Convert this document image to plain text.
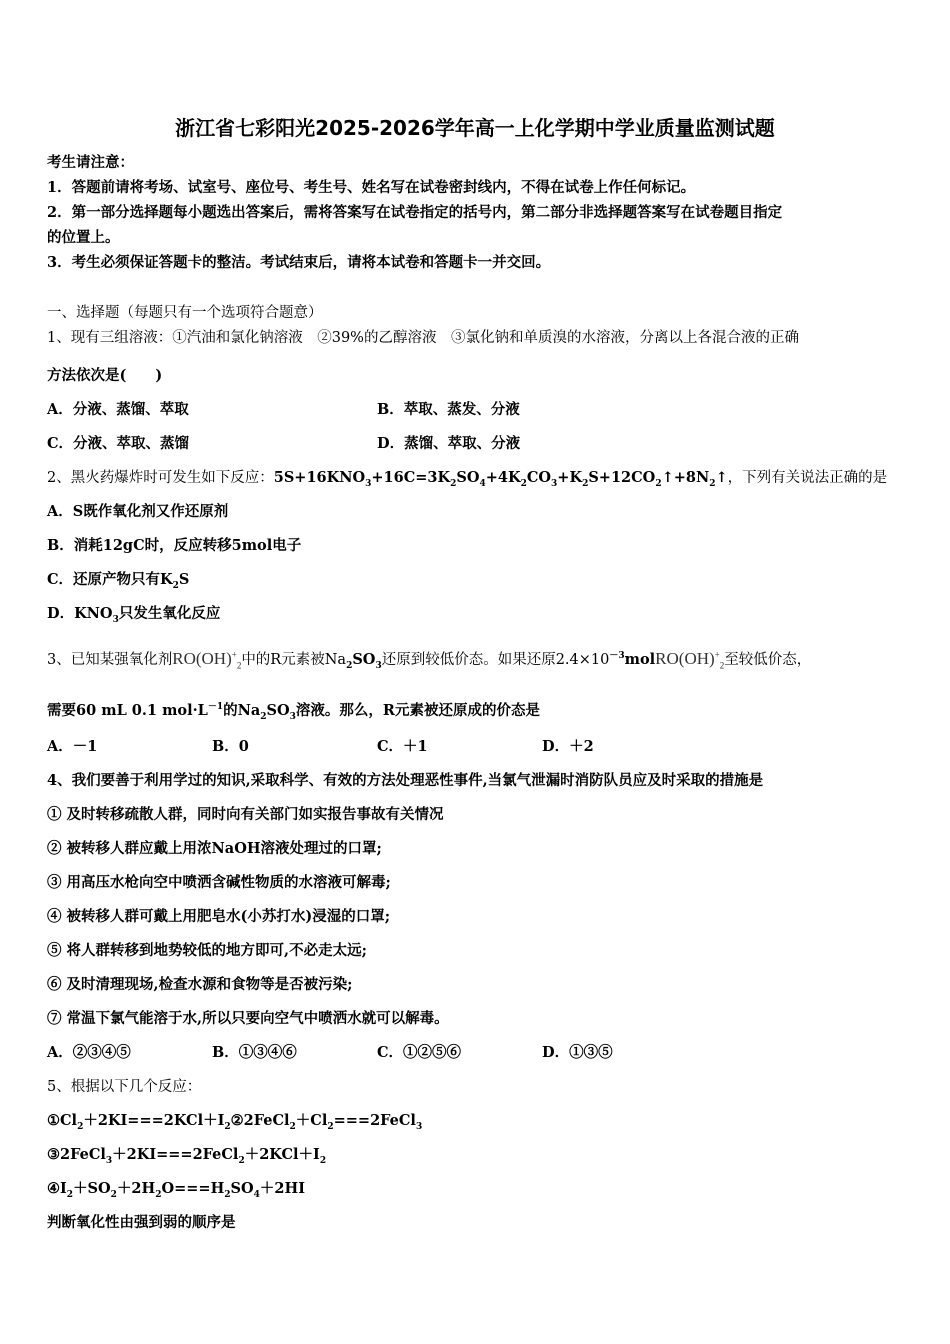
浙江省七彩阳光2025-2026学年高一上化学期中学业质量监测试题
考生请注意：
1．答题前请将考场、试室号、座位号、考生号、姓名写在试卷密封线内，不得在试卷上作任何标记。
2．第一部分选择题每小题选出答案后，需将答案写在试卷指定的括号内，第二部分非选择题答案写在试卷题目指定
的位置上。
3．考生必须保证答题卡的整洁。考试结束后，请将本试卷和答题卡一并交回。
一、选择题（每题只有一个选项符合题意）
1、现有三组溶液：①汽油和氯化钠溶液　②39%的乙醇溶液　③氯化钠和单质溴的水溶液，分离以上各混合液的正确
方法依次是(　　)
A．分液、蒸馏、萃取	B．萃取、蒸发、分液
C．分液、萃取、蒸馏	D．蒸馏、萃取、分液
2、黑火药爆炸时可发生如下反应：$5S+16KNO_3+16C=3K_2SO_4+4K_2CO_3+K_2S+12CO_2↑+8N_2↑$，下列有关说法正确的是
A．S既作氧化剂又作还原剂
B．消耗12gC时，反应转移5mol电子
C．还原产物只有$K_2S$
D．$KNO_3$只发生氧化反应
3、已知某强氧化剂$RO(OH)^+_2$中的R元素被$Na_2SO_3$还原到较低价态。如果还原$2.4\times 10^{-3}molRO(OH)^+_2$至较低价态，
需要60 mL 0.1 $mol\cdot L^{-1}$的$Na_2SO_3$溶液。那么，R元素被还原成的价态是
A．－1	B．0	C．＋1	D．＋2
4、我们要善于利用学过的知识,采取科学、有效的方法处理恶性事件,当氯气泄漏时消防队员应及时采取的措施是
① 及时转移疏散人群，同时向有关部门如实报告事故有关情况
② 被转移人群应戴上用浓NaOH溶液处理过的口罩;
③ 用高压水枪向空中喷洒含碱性物质的水溶液可解毒;
④ 被转移人群可戴上用肥皂水(小苏打水)浸湿的口罩;
⑤ 将人群转移到地势较低的地方即可,不必走太远;
⑥ 及时清理现场,检查水源和食物等是否被污染;
⑦ 常温下氯气能溶于水,所以只要向空气中喷洒水就可以解毒。
A．②③④⑤	B．①③④⑥	C．①②⑤⑥	D．①③⑤
5、根据以下几个反应：
$①Cl_2+2KI===2KCl+I_2②2FeCl_2+Cl_2===2FeCl_3$
$③2FeCl_3+2KI===2FeCl_2+2KCl+I_2$
$④I_2+SO_2+2H_2O===H_2SO_4+2HI$
判断氧化性由强到弱的顺序是
